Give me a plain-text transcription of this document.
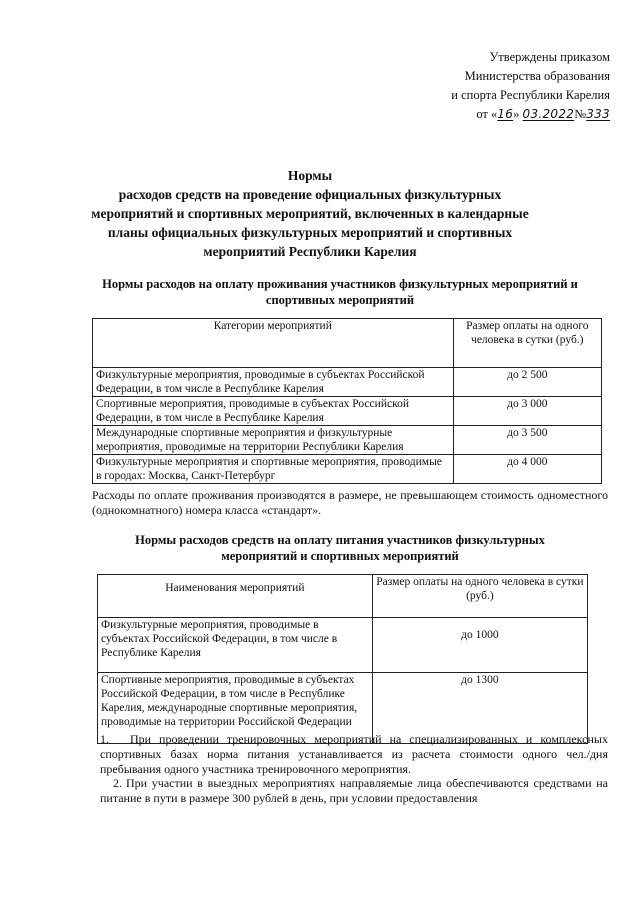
Утверждены приказом
Министерства образования
и спорта Республики Карелия
от «16» 03.2022№333
Нормы
расходов средств на проведение официальных физкультурных
мероприятий и спортивных мероприятий, включенных в календарные
планы официальных физкультурных мероприятий и спортивных
мероприятий Республики Карелия
Нормы расходов на оплату проживания участников физкультурных мероприятий и
спортивных мероприятий
Категории мероприятий	Размер оплаты на одного человека в сутки (руб.)
Физкультурные мероприятия, проводимые в субъектах Российской Федерации, в том числе в Республике Карелия	до 2 500
Спортивные мероприятия, проводимые в субъектах Российской Федерации, в том числе в Республике Карелия	до 3 000
Международные спортивные мероприятия и физкультурные мероприятия, проводимые на территории Республики Карелия	до 3 500
Физкультурные мероприятия и спортивные мероприятия, проводимые в городах: Москва, Санкт-Петербург	до 4 000
Расходы по оплате проживания производятся в размере, не превышающем стоимость одноместного (однокомнатного) номера класса «стандарт».
Нормы расходов средств на оплату питания участников физкультурных
мероприятий и спортивных мероприятий
Наименования мероприятий	Размер оплаты на одного человека в сутки (руб.)
Физкультурные мероприятия, проводимые в субъектах Российской Федерации, в том числе в Республике Карелия	до 1000
Спортивные мероприятия, проводимые в субъектах Российской Федерации, в том числе в Республике Карелия, международные спортивные мероприятия, проводимые на территории Российской Федерации	до 1300
1. При проведении тренировочных мероприятий на специализированных и комплексных спортивных базах норма питания устанавливается из расчета стоимости одного чел./дня пребывания одного участника тренировочного мероприятия.
2. При участии в выездных мероприятиях направляемые лица обеспечиваются средствами на питание в пути в размере 300 рублей в день, при условии предоставления
